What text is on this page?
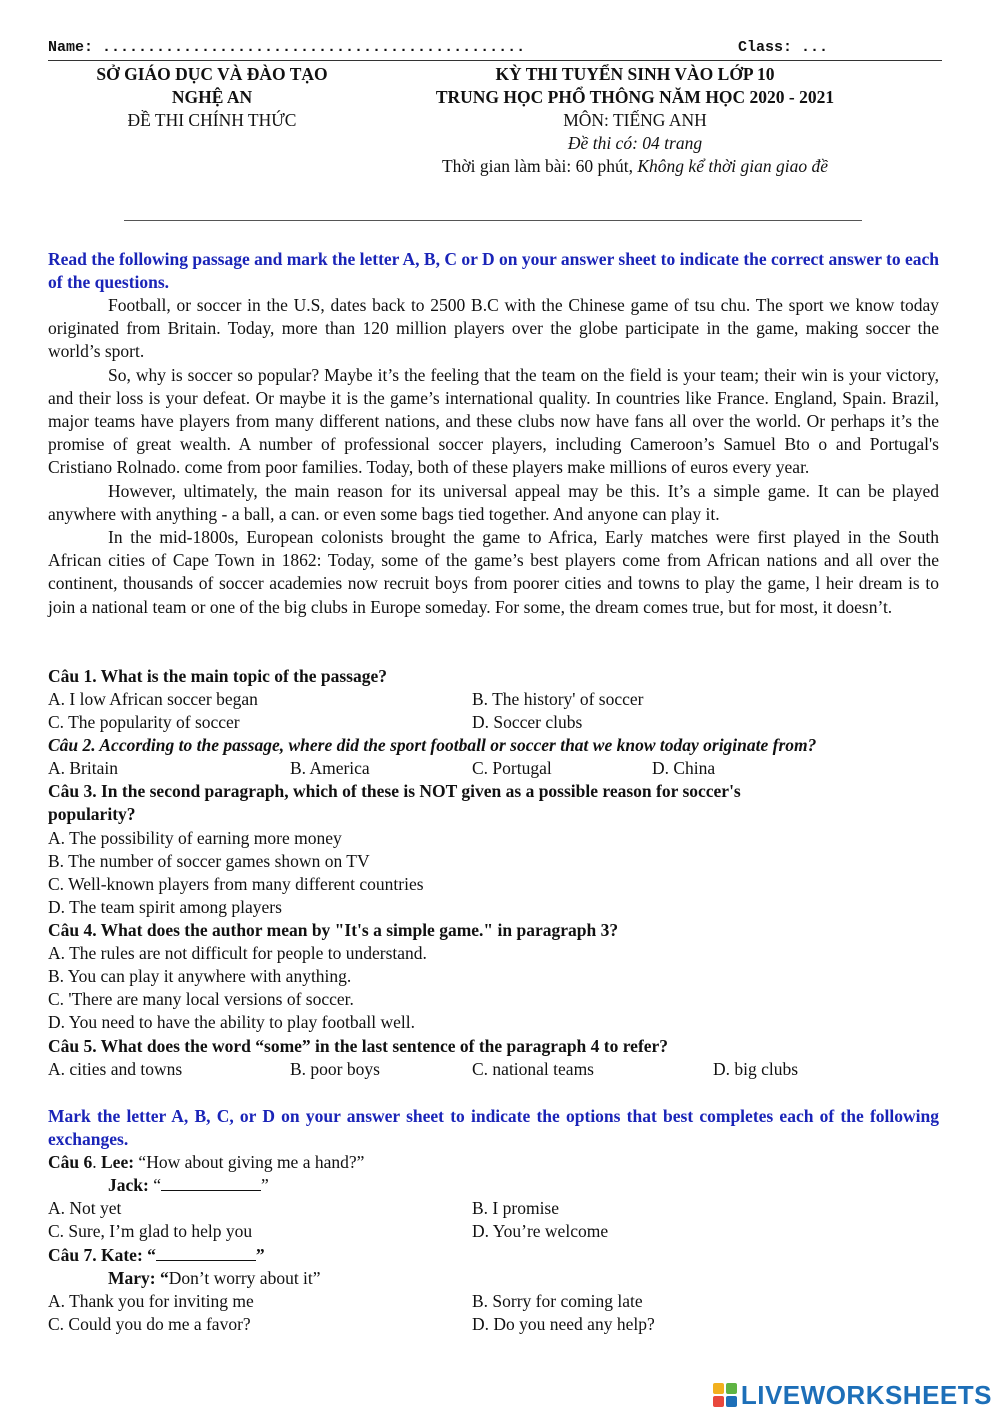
Name: ...............................................	Class: ...
SỞ GIÁO DỤC VÀ ĐÀO TẠO
NGHỆ AN
ĐỀ THI CHÍNH THỨC
KỲ THI TUYỂN SINH VÀO LỚP 10
TRUNG HỌC PHỔ THÔNG NĂM HỌC 2020 - 2021
MÔN: TIẾNG ANH
Đề thi có: 04 trang
Thời gian làm bài: 60 phút, Không kể thời gian giao đề
Read the following passage and mark the letter A, B, C or D on your answer sheet to indicate the correct answer to each of the questions.

Football, or soccer in the U.S, dates back to 2500 B.C with the Chinese game of tsu chu. The sport we know today originated from Britain. Today, more than 120 million players over the globe participate in the game, making soccer the world’s sport.

So, why is soccer so popular? Maybe it’s the feeling that the team on the field is your team; their win is your victory, and their loss is your defeat. Or maybe it is the game’s international quality. In countries like France. England, Spain. Brazil, major teams have players from many different nations, and these clubs now have fans all over the world. Or perhaps it’s the promise of great wealth. A number of professional soccer players, including Cameroon’s Samuel Bto o and Portugal's Cristiano Rolnado. come from poor families. Today, both of these players make millions of euros every year.

However, ultimately, the main reason for its universal appeal may be this. It’s a simple game. It can be played anywhere with anything - a ball, a can. or even some bags tied together. And anyone can play it.

In the mid-1800s, European colonists brought the game to Africa, Early matches were first played in the South African cities of Cape Town in 1862: Today, some of the game’s best players come from African nations and all over the continent, thousands of soccer academies now recruit boys from poorer cities and towns to play the game, l heir dream is to join a national team or one of the big clubs in Europe someday. For some, the dream comes true, but for most, it doesn’t.

Câu 1. What is the main topic of the passage?
A. I low African soccer began	B. The history' of soccer
C. The popularity of soccer	D. Soccer clubs
Câu 2. According to the passage, where did the sport football or soccer that we know today originate from?
A. Britain	B. America	C. Portugal	D. China
Câu 3. In the second paragraph, which of these is NOT given as a possible reason for soccer's
popularity?
A. The possibility of earning more money
B. The number of soccer games shown on TV
C. Well-known players from many different countries
D. The team spirit among players
Câu 4. What does the author mean by "It's a simple game." in paragraph 3?
A. The rules are not difficult for people to understand.
B. You can play it anywhere with anything.
C. 'There are many local versions of soccer.
D. You need to have the ability to play football well.
Câu 5. What does the word “some” in the last sentence of the paragraph 4 to refer?
A. cities and towns	B. poor boys	C. national teams	D. big clubs
Mark the letter A, B, C, or D on your answer sheet to indicate the options that best completes each of the following exchanges.
Câu 6. Lee: “How about giving me a hand?”
Jack: “	”
A. Not yet	B. I promise
C. Sure, I’m glad to help you	D. You’re welcome
Câu 7. Kate: “	”
Mary: “Don’t worry about it”
A. Thank you for inviting me	B. Sorry for coming late
C. Could you do me a favor?	D. Do you need any help?
LIVEWORKSHEETS
